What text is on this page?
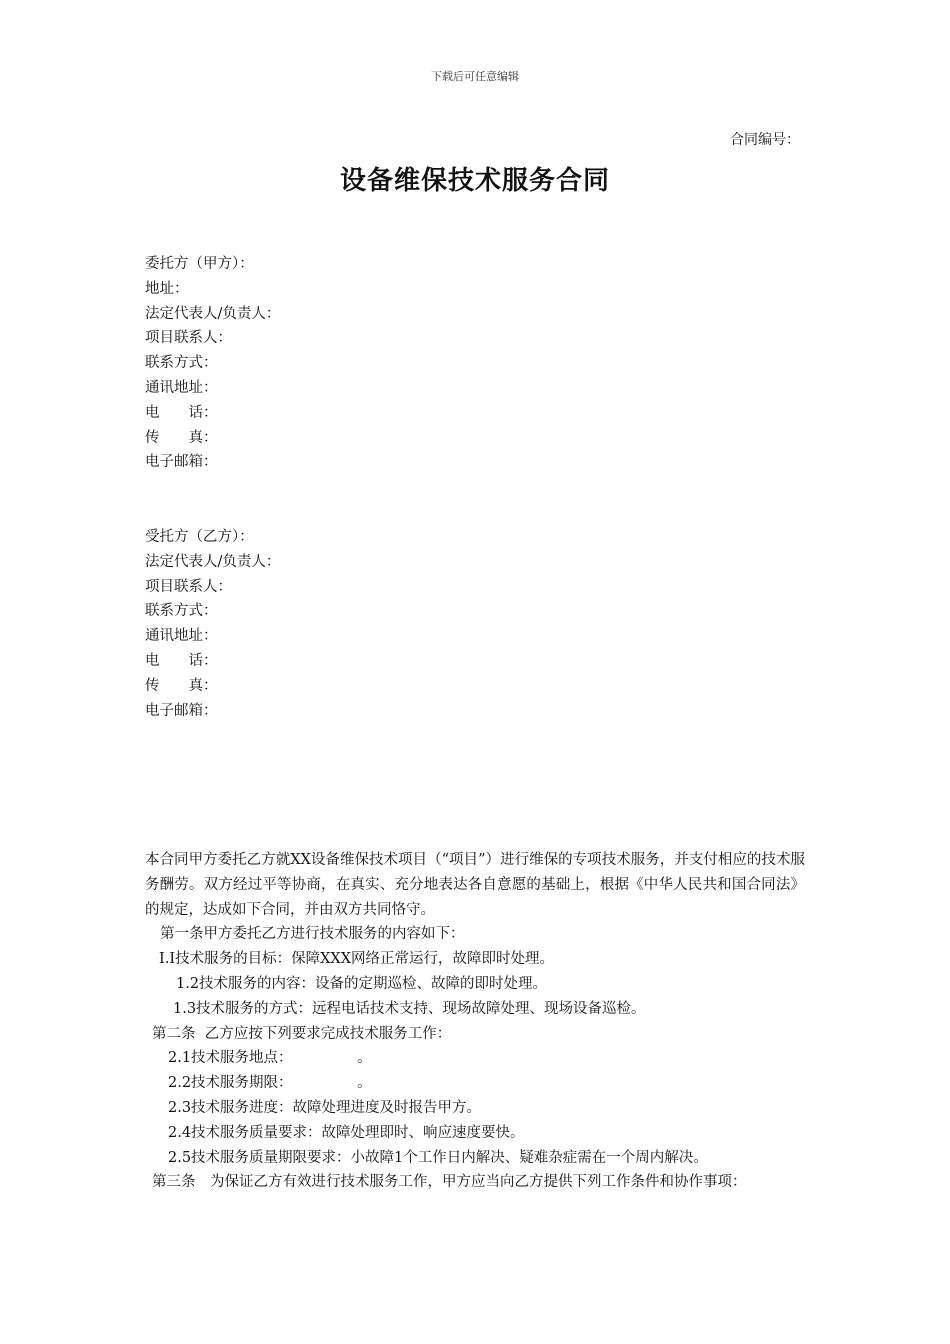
下载后可任意编辑
合同编号：
设备维保技术服务合同
委托方（甲方）：
地址：
法定代表人/负责人：
项目联系人：
联系方式：
通讯地址：
电　　话：
传　　真：
电子邮箱：
受托方（乙方）：
法定代表人/负责人：
项目联系人：
联系方式：
通讯地址：
电　　话：
传　　真：
电子邮箱：

本合同甲方委托乙方就XX设备维保技术项目（“项目”）进行维保的专项技术服务，并支付相应的技术服务酬劳。双方经过平等协商，在真实、充分地表达各自意愿的基础上，根据《中华人民共和国合同法》的规定，达成如下合同，并由双方共同恪守。

第一条甲方委托乙方进行技术服务的内容如下：
I.I技术服务的目标：保障XXX网络正常运行，故障即时处理。
1.2技术服务的内容：设备的定期巡检、故障的即时处理。
1.3技术服务的方式：远程电话技术支持、现场故障处理、现场设备巡检。
第二条  乙方应按下列要求完成技术服务工作：
2.1技术服务地点：              。
2.2技术服务期限：              。
2.3技术服务进度：故障处理进度及时报告甲方。
2.4技术服务质量要求：故障处理即时、响应速度要快。
2.5技术服务质量期限要求：小故障1个工作日内解决、疑难杂症需在一个周内解决。

第三条　为保证乙方有效进行技术服务工作，甲方应当向乙方提供下列工作条件和协作事项：
